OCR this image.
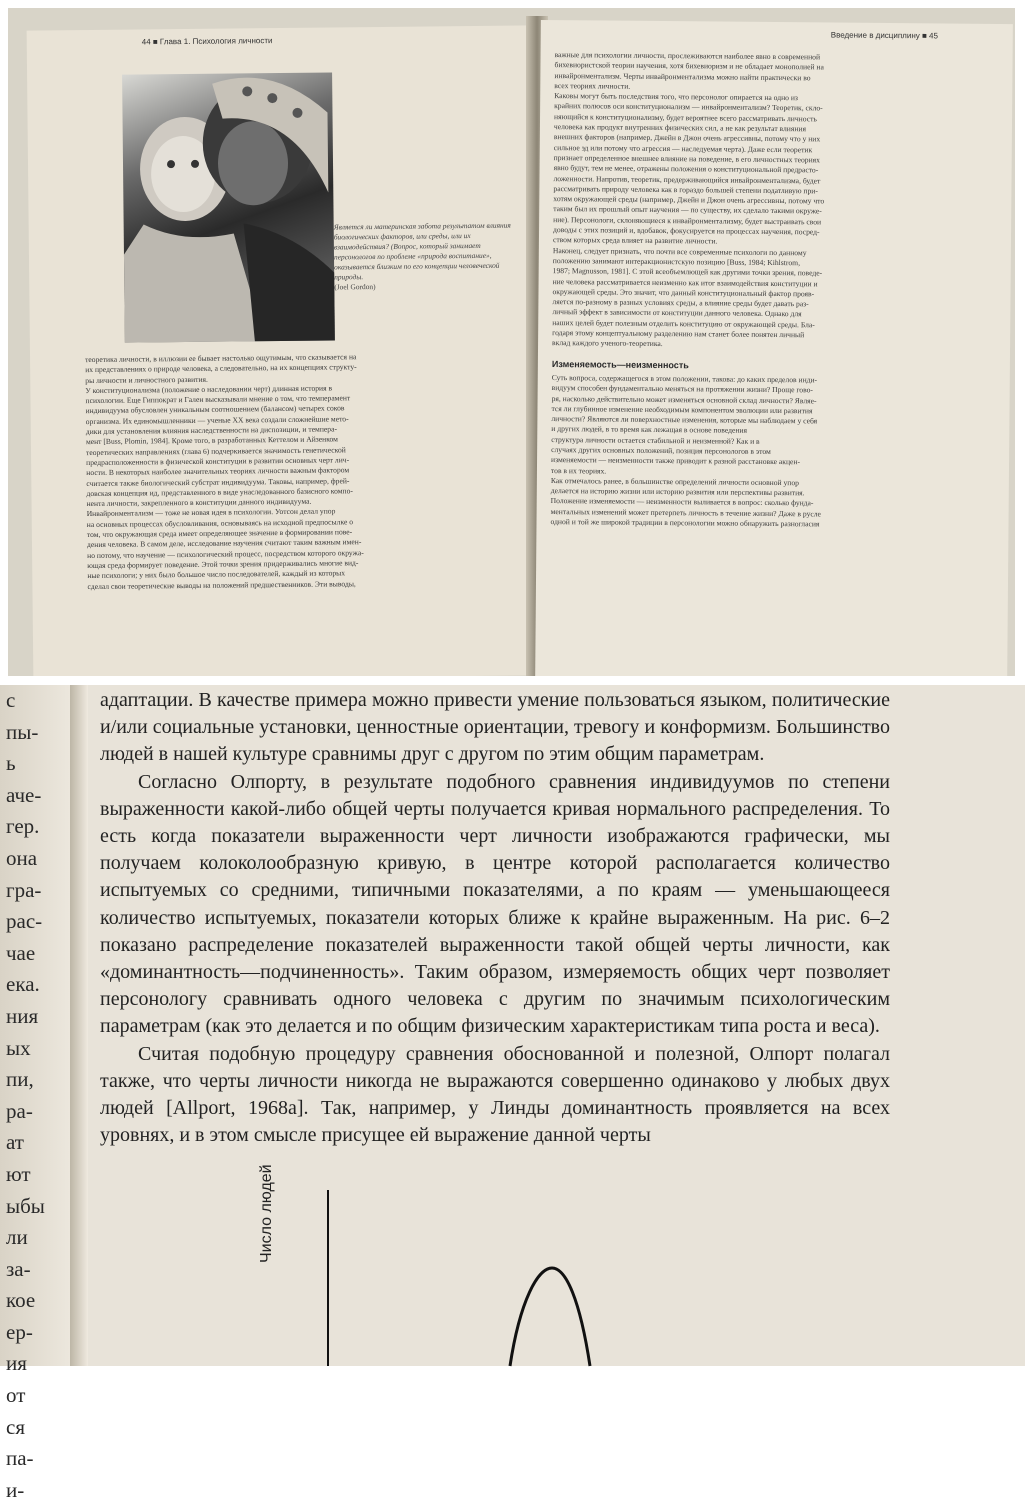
44 ■ Глава 1. Психология личности
Является ли материнская забота результатом влияния биологических факторов, или среды, или их взаимодействия? (Вопрос, который занимает персонологов по проблеме «природа воспитание», оказывается близким по его концепции человеческой природы.
(Joel Gordon)
теоретика личности, в иллюзии ее бывает настолько ощутимым, что сказывается на
их представлениях о природе человека, а следовательно, на их концепциях структу-
ры личности и личностного развития.
У конституционализма (положение о наследовании черт) длинная история в
психологии. Еще Гиппократ и Гален высказывали мнение о том, что темперамент
индивидуума обусловлен уникальным соотношением (балансом) четырех соков
организма. Их единомышленники — ученые XX века создали сложнейшие мето-
дики для установления влияния наследственности на диспозиции, и темпера-
мент [Buss, Plomin, 1984]. Кроме того, в разработанных Кеттелом и Айзенком
теоретических направлениях (глава 6) подчеркивается значимость генетической
предрасположенности в физической конституции в развитии основных черт лич-
ности. В некоторых наиболее значительных теориях личности важным фактором
считается также биологический субстрат индивидуума. Таковы, например, фрей-
довская концепция ид, представленного в виде унаследованного базисного компо-
нента личности, закрепленного в конституции данного индивидуума.
Инвайронментализм — тоже не новая идея в психологии. Уотсон делал упор
на основных процессах обусловливания, основываясь на исходной предпосылке о
том, что окружающая среда имеет определяющее значение в формировании пове-
дения человека. В самом деле, исследование научения считают таким важным имен-
но потому, что научение — психологический процесс, посредством которого окружа-
ющая среда формирует поведение. Этой точки зрения придерживались многие вид-
ные психологи; у них было большое число последователей, каждый из которых
сделал свои теоретические выводы на положений предшественников. Эти выводы,
Введение в дисциплину ■ 45
важные для психологии личности, прослеживаются наиболее явно в современной
бихевиористской теории научения, хотя бихевиоризм и не обладает монополией на
инвайронментализм. Черты инвайронментализма можно найти практически во
всех теориях личности.
Каковы могут быть последствия того, что персонолог опирается на одно из
крайних полюсов оси конституционализм — инвайронментализм? Теоретик, скло-
няющийся к конституционализму, будет вероятнее всего рассматривать личность
человека как продукт внутренних физических сил, а не как результат влияния
внешних факторов (например, Джейн в Джон очень агрессивны, потому что у них
сильное эд или потому что агрессия — наследуемая черта). Даже если теоретик
признает определенное внешнее влияние на поведение, в его личностных теориях
явно будут, тем не менее, отражены положения о конституциональной предрасто-
ложенности. Напротив, теоретик, предерживающийся инвайронментализма, будет
рассматривать природу человека как в гораздо большей степени податливую при-
хотям окружающей среды (например, Джейн и Джон очень агрессивны, потому что
таким был их прошлый опыт научения — по существу, их сделало такими окруже-
ние). Персонологи, склоняющиеся к инвайронментализму, будет выстраивать свои
доводы с этих позиций и, вдобавок, фокусируется на процессах научения, посред-
ством которых среда влияет на развитие личности.
Наконец, следует признать, что почти все современные психологи по данному
положению занимают интеракционистскую позицию [Buss, 1984; Kihlstrom,
1987; Magnusson, 1981]. С этой всеобъемлющей как другими точки зрения, поведе-
ние человека рассматривается неизменно как итог взаимодействия конституции и
окружающей среды. Это значит, что данный конституциональный фактор прояв-
ляется по-разному в разных условиях среды, а влияние среды будет давать раз-
личный эффект в зависимости от конституции данного человека. Однако для
наших целей будет полезным отделить конституцию от окружающей среды. Бла-
годаря этому концептуальному разделению нам станет более понятен личный
вклад каждого ученого-теоретика.
Изменяемость—неизменность
Суть вопроса, содержащегося в этом положении, такова: до каких пределов инди-
видуум способен фундаментально меняться на протяжении жизни? Проще гово-
ря, насколько действительно может изменяться основной склад личности? Являе-
тся ли глубинное изменение необходимым компонентом эволюции или развития
личности? Являются ли поверхностные изменения, которые мы наблюдаем у себя
и других людей, в то время как лежащая в основе поведения
структура личности остается стабильной и неизменной? Как и в
случаях других основных положений, позиция персонологов в этом
изменяемости — неизменности также приводит к разной расстановке акцен-
тов в их теориях.
Как отмечалось ранее, в большинстве определений личности основной упор
делается на историю жизни или историю развития или перспективы развития.
Положение изменяемости — неизменности выливается в вопрос: сколько фунда-
ментальных изменений может претерпеть личность в течение жизни? Даже в русле
одной и той же широкой традиции в персонологии можно обнаружить разногласия
с
пы-
ь
аче-
гер.
она
гра-
рас-
чае
ека.
ния
ых
пи,
ра-
ат
ют
ыбы
ли
за-
кое
ер-
ия
от
ся
па-
и-

адаптации. В качестве примера можно привести умение пользоваться языком, политические и/или социальные установки, ценностные ориентации, тревогу и конформизм. Большинство людей в нашей культуре сравнимы друг с другом по этим общим параметрам.

Согласно Олпорту, в результате подобного сравнения индивидуумов по степени выраженности какой-либо общей черты получается кривая нормального распределения. То есть когда показатели выраженности черт личности изображаются графически, мы получаем колоколообразную кривую, в центре которой располагается количество испытуемых со средними, типичными показателями, а по краям — уменьшающееся количество испытуемых, показатели которых ближе к крайне выраженным. На рис. 6–2 показано распределение показателей выраженности такой общей черты личности, как «доминантность—подчиненность». Таким образом, измеряемость общих черт позволяет персонологу сравнивать одного человека с другим по значимым психологическим параметрам (как это делается и по общим физическим характеристикам типа роста и веса).

Считая подобную процедуру сравнения обоснованной и полезной, Олпорт полагал также, что черты личности никогда не выражаются совершенно одинаково у любых двух людей [Allport, 1968a]. Так, например, у Линды доминантность проявляется на всех уровнях, и в этом смысле присущее ей выражение данной черты

Число людей
